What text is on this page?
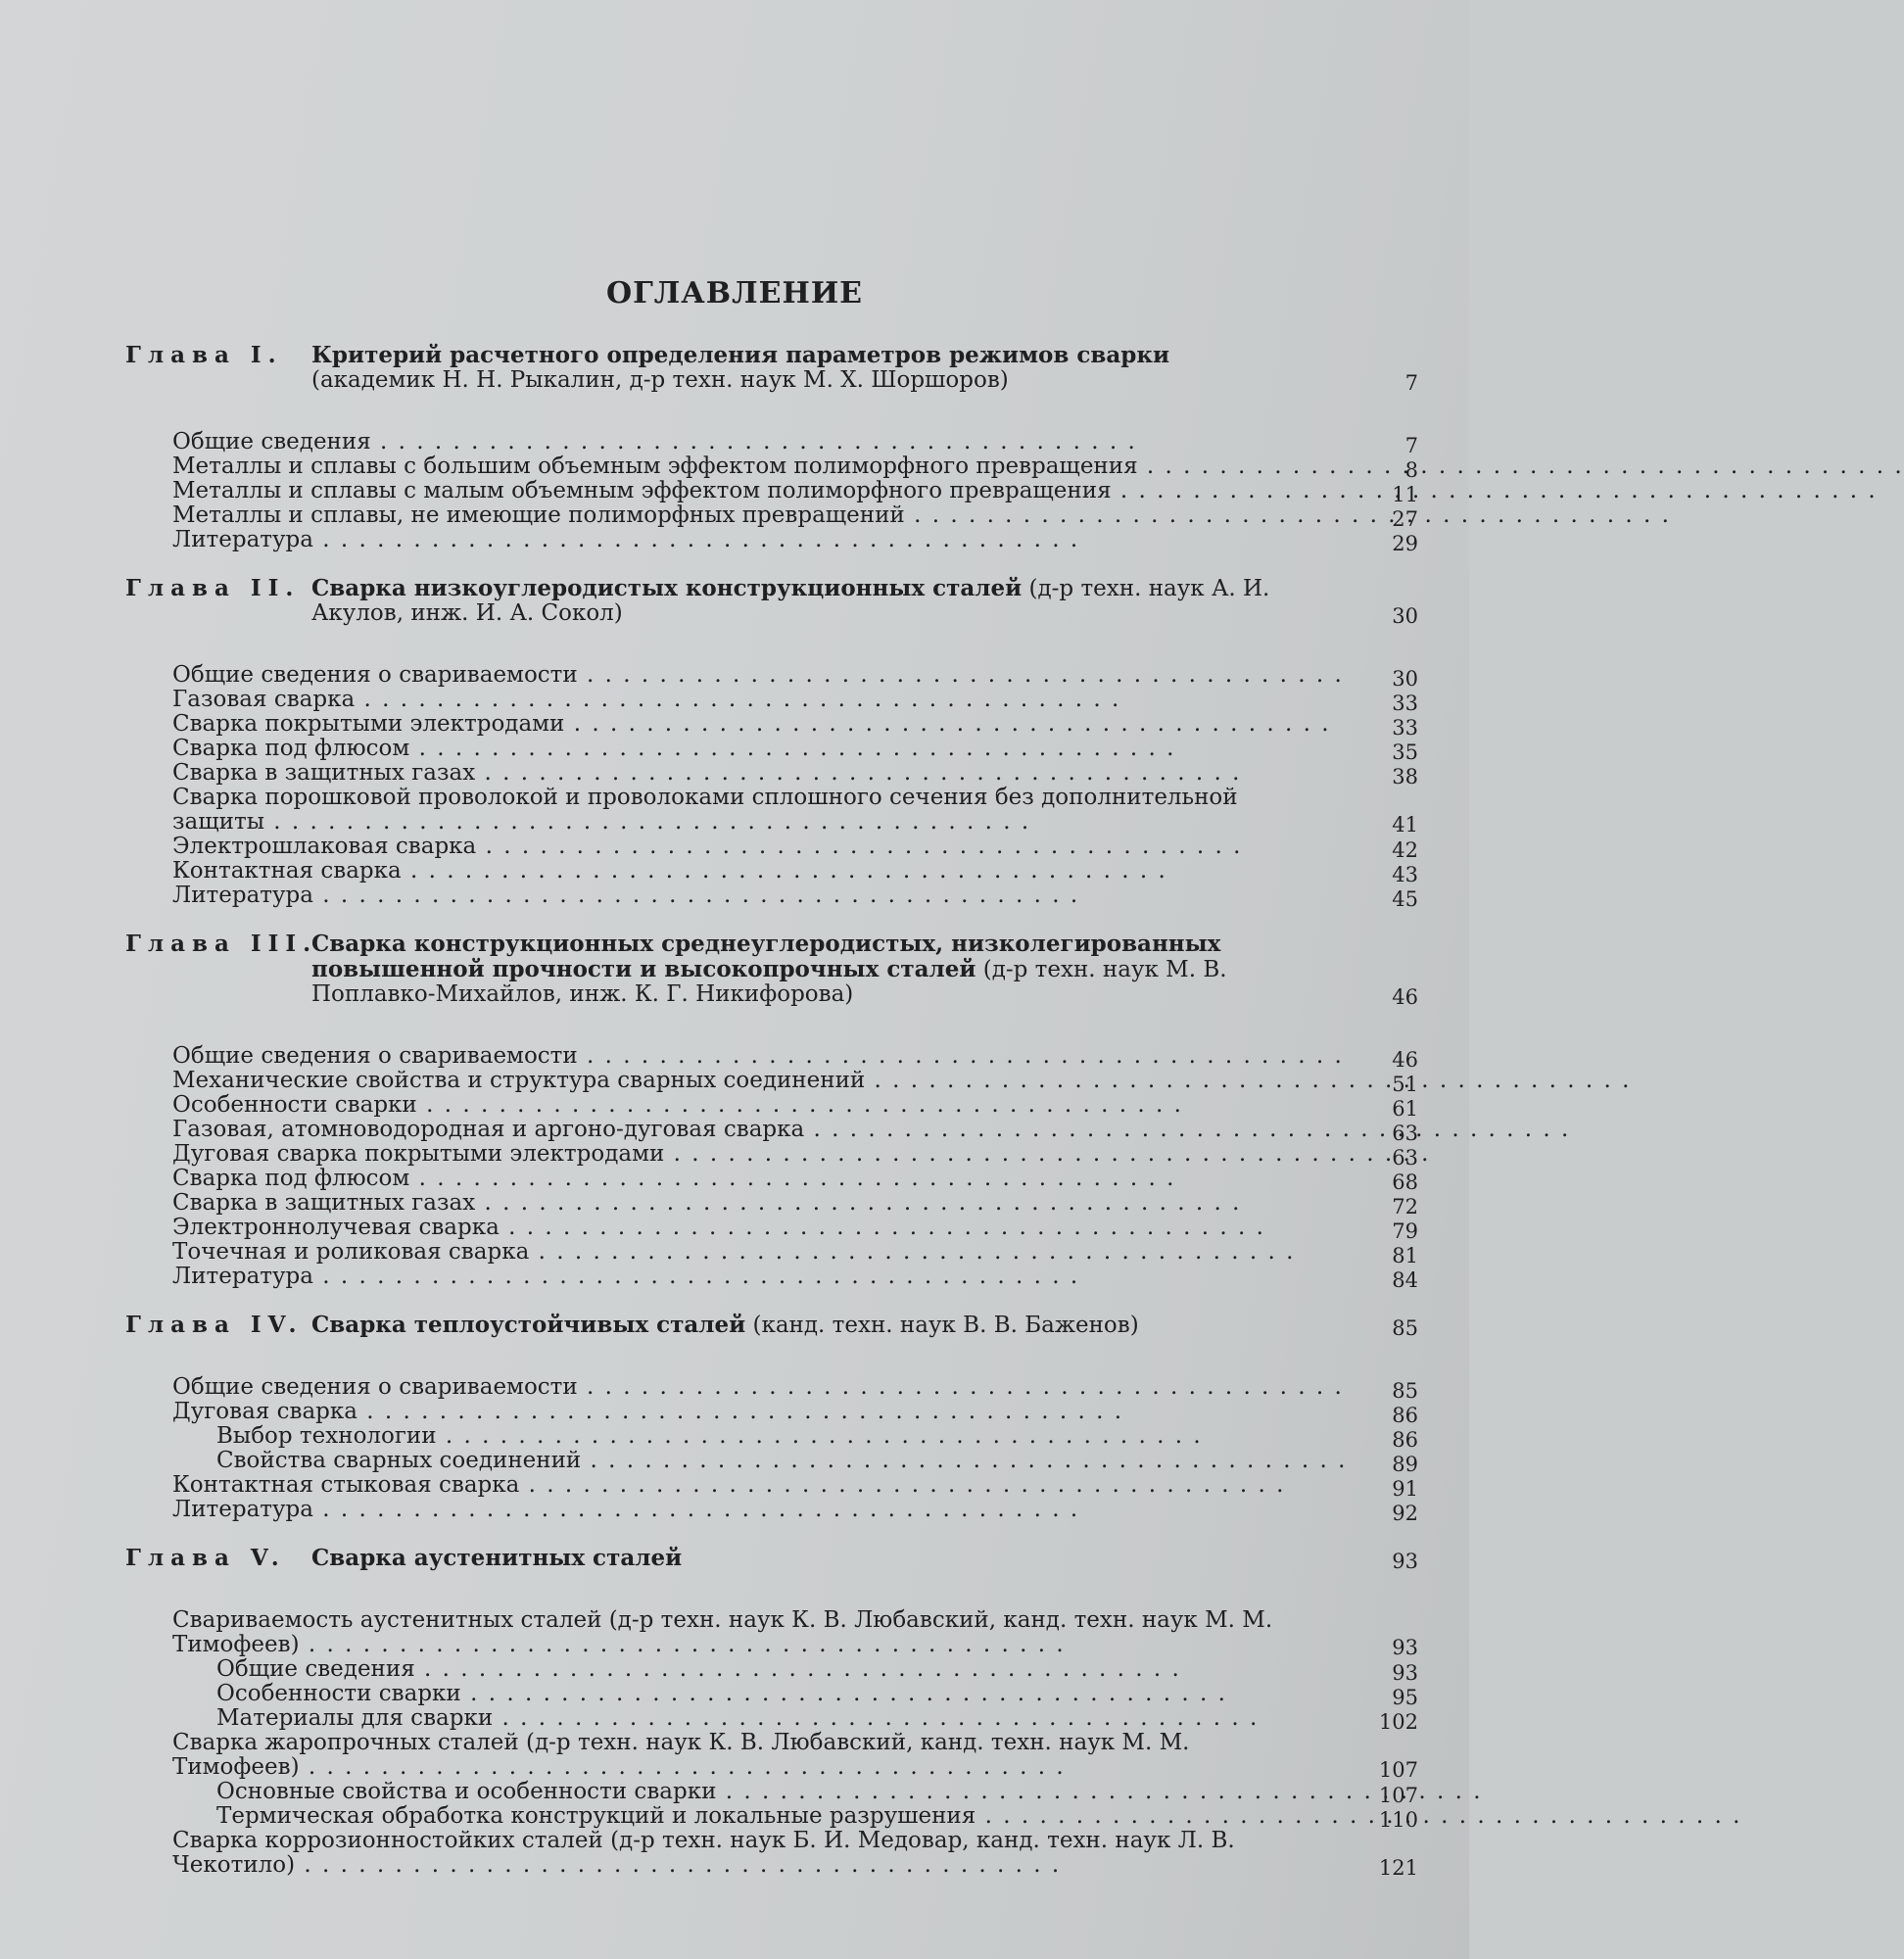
ОГЛАВЛЕНИЕ
Глава I.	Критерий расчетного определения параметров режимов сварки (академик Н. Н. Рыкалин, д-р техн. наук М. Х. Шоршоров)	7
Общие сведения . . .	7
Металлы и сплавы с большим объемным эффектом полиморфного превращения . . .	8
Металлы и сплавы с малым объемным эффектом полиморфного превращения . . .	11
Металлы и сплавы, не имеющие полиморфных превращений . . .	27
Литература . . .	29
Глава II. Сварка низкоуглеродистых конструкционных сталей (д-р техн. наук А. И. Акулов, инж. И. А. Сокол)	30
Общие сведения о свариваемости . . .	30
Газовая сварка . . .	33
Сварка покрытыми электродами . . .	33
Сварка под флюсом . . .	35
Сварка в защитных газах . . .	38
Сварка порошковой проволокой и проволоками сплошного сечения без дополнительной защиты . . .	41
Электрошлаковая сварка . . .	42
Контактная сварка . . .	43
Литература . . .	45
Глава III.
Сварка конструкционных среднеуглеродистых, низколегированных повышенной прочности и высокопрочных сталей (д-р техн. наук М. В. Поплавко-Михайлов, инж. К. Г. Никифорова)	46
Общие сведения о свариваемости . . .	46
Механические свойства и структура сварных соединений . . .	51
Особенности сварки . . .	61
Газовая, атомноводородная и аргоно-дуговая сварка . . .	63
Дуговая сварка покрытыми электродами . . .	63
Сварка под флюсом . . .	68
Сварка в защитных газах . . .	72
Электроннолучевая сварка . . .	79
Точечная и роликовая сварка . . .	81
Литература . . .	84
Глава IV. Сварка теплоустойчивых сталей (канд. техн. наук В. В. Баженов)	85
Общие сведения о свариваемости . . .	85
Дуговая сварка . . .	86
Выбор технологии . . .	86
Свойства сварных соединений . . .	89
Контактная стыковая сварка . . .	91
Литература . . .	92
Глава V.	Сварка аустенитных сталей	93
Свариваемость аустенитных сталей (д-р техн. наук К. В. Любавский, канд. техн. наук М. М. Тимофеев) . . .	93
Общие сведения . . .	93
Особенности сварки . . .	95
Материалы для сварки . . .	102
Сварка жаропрочных сталей (д-р техн. наук К. В. Любавский, канд. техн. наук М. М. Тимофеев) . . .	107
Основные свойства и особенности сварки . . .	107
Термическая обработка конструкций и локальные разрушения . . .	110
Сварка коррозионностойких сталей (д-р техн. наук Б. И. Медовар, канд. техн. наук Л. В. Чекотило) . . .	121
